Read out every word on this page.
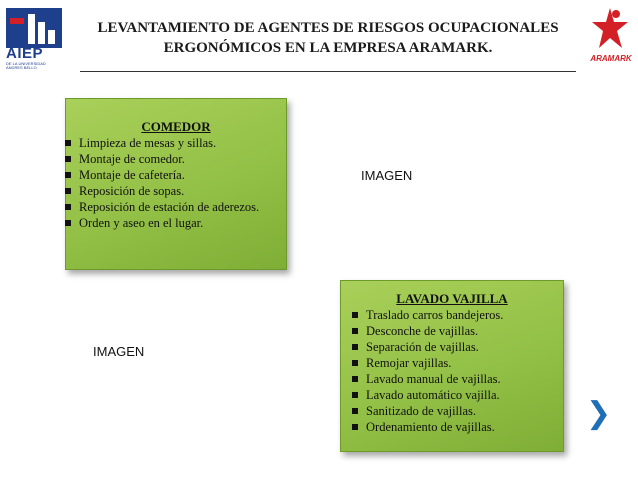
AIEP
DE LA UNIVERSIDAD ANDRES BELLO
ARAMARK
LEVANTAMIENTO DE AGENTES DE RIESGOS OCUPACIONALES
ERGONÓMICOS EN LA EMPRESA ARAMARK.
COMEDOR
Limpieza de mesas y sillas.
Montaje de comedor.
Montaje de cafetería.
Reposición de sopas.
Reposición de estación de aderezos.
Orden y aseo en el lugar.
IMAGEN
IMAGEN
LAVADO VAJILLA
Traslado carros bandejeros.
Desconche de vajillas.
Separación de vajillas.
Remojar vajillas.
Lavado manual de vajillas.
Lavado automático vajilla.
Sanitizado de vajillas.
Ordenamiento de vajillas.	❯
